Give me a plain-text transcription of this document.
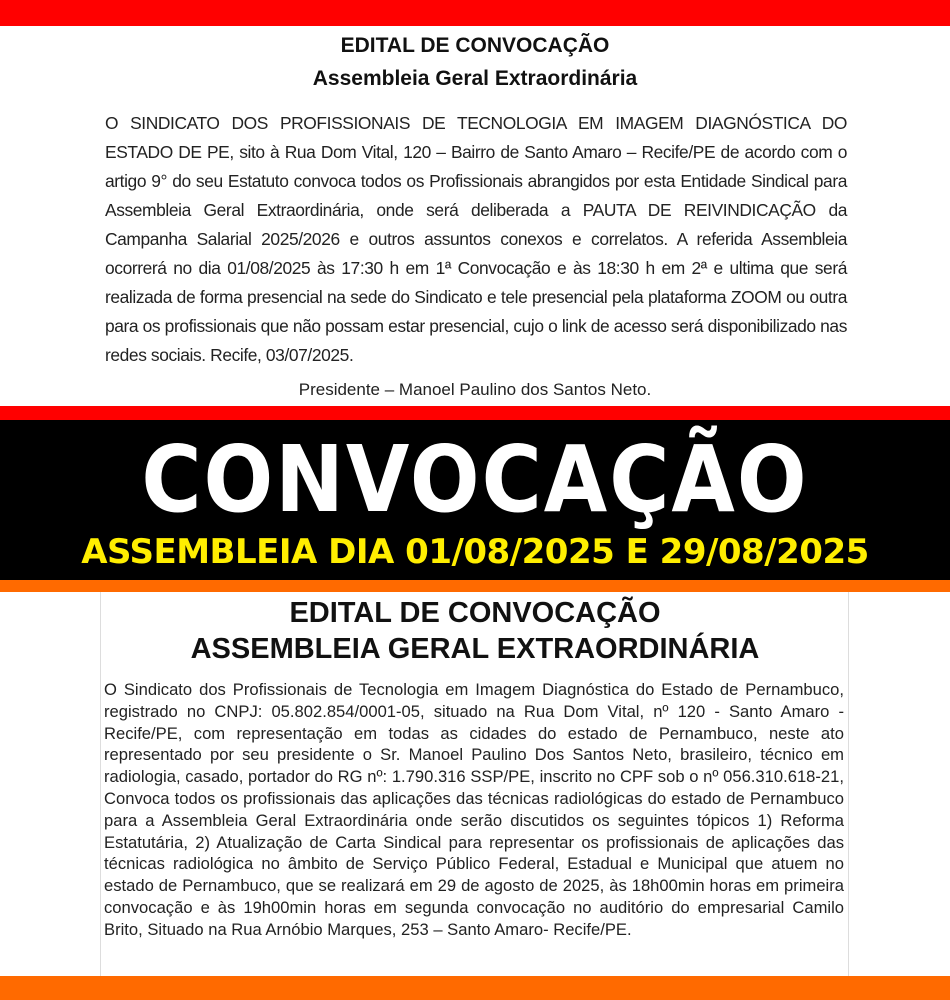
EDITAL DE CONVOCAÇÃO
Assembleia Geral Extraordinária

O SINDICATO DOS PROFISSIONAIS DE TECNOLOGIA EM IMAGEM DIAGNÓSTICA DO ESTADO DE PE, sito à Rua Dom Vital, 120 – Bairro de Santo Amaro – Recife/PE de acordo com o artigo 9° do seu Estatuto convoca todos os Profissionais abrangidos por esta Entidade Sindical para Assembleia Geral Extraordinária, onde será deliberada a PAUTA DE REIVINDICAÇÃO da Campanha Salarial 2025/2026 e outros assuntos conexos e correlatos. A referida Assembleia ocorrerá no dia 01/08/2025 às 17:30 h em 1ª Convocação e às 18:30 h em 2ª e ultima que será realizada de forma presencial na sede do Sindicato e tele presencial pela plataforma ZOOM ou outra para os profissionais que não possam estar presencial, cujo o link de acesso será disponibilizado nas redes sociais. Recife, 03/07/2025.

Presidente – Manoel Paulino dos Santos Neto.
CONVOCAÇÃO
ASSEMBLEIA DIA 01/08/2025 E 29/08/2025
EDITAL DE CONVOCAÇÃO
ASSEMBLEIA GERAL EXTRAORDINÁRIA

O Sindicato dos Profissionais de Tecnologia em Imagem Diagnóstica do Estado de Pernambuco, registrado no CNPJ: 05.802.854/0001-05, situado na Rua Dom Vital, nº 120 - Santo Amaro - Recife/PE, com representação em todas as cidades do estado de Pernambuco, neste ato representado por seu presidente o Sr. Manoel Paulino Dos Santos Neto, brasileiro, técnico em radiologia, casado, portador do RG nº: 1.790.316 SSP/PE, inscrito no CPF sob o nº 056.310.618-21, Convoca todos os profissionais das aplicações das técnicas radiológicas do estado de Pernambuco para a Assembleia Geral Extraordinária onde serão discutidos os seguintes tópicos 1) Reforma Estatutária, 2) Atualização de Carta Sindical para representar os profissionais de aplicações das técnicas radiológica no âmbito de Serviço Público Federal, Estadual e Municipal que atuem no estado de Pernambuco, que se realizará em 29 de agosto de 2025, às 18h00min horas em primeira convocação e às 19h00min horas em segunda convocação no auditório do empresarial Camilo Brito, Situado na Rua Arnóbio Marques, 253 – Santo Amaro- Recife/PE.
